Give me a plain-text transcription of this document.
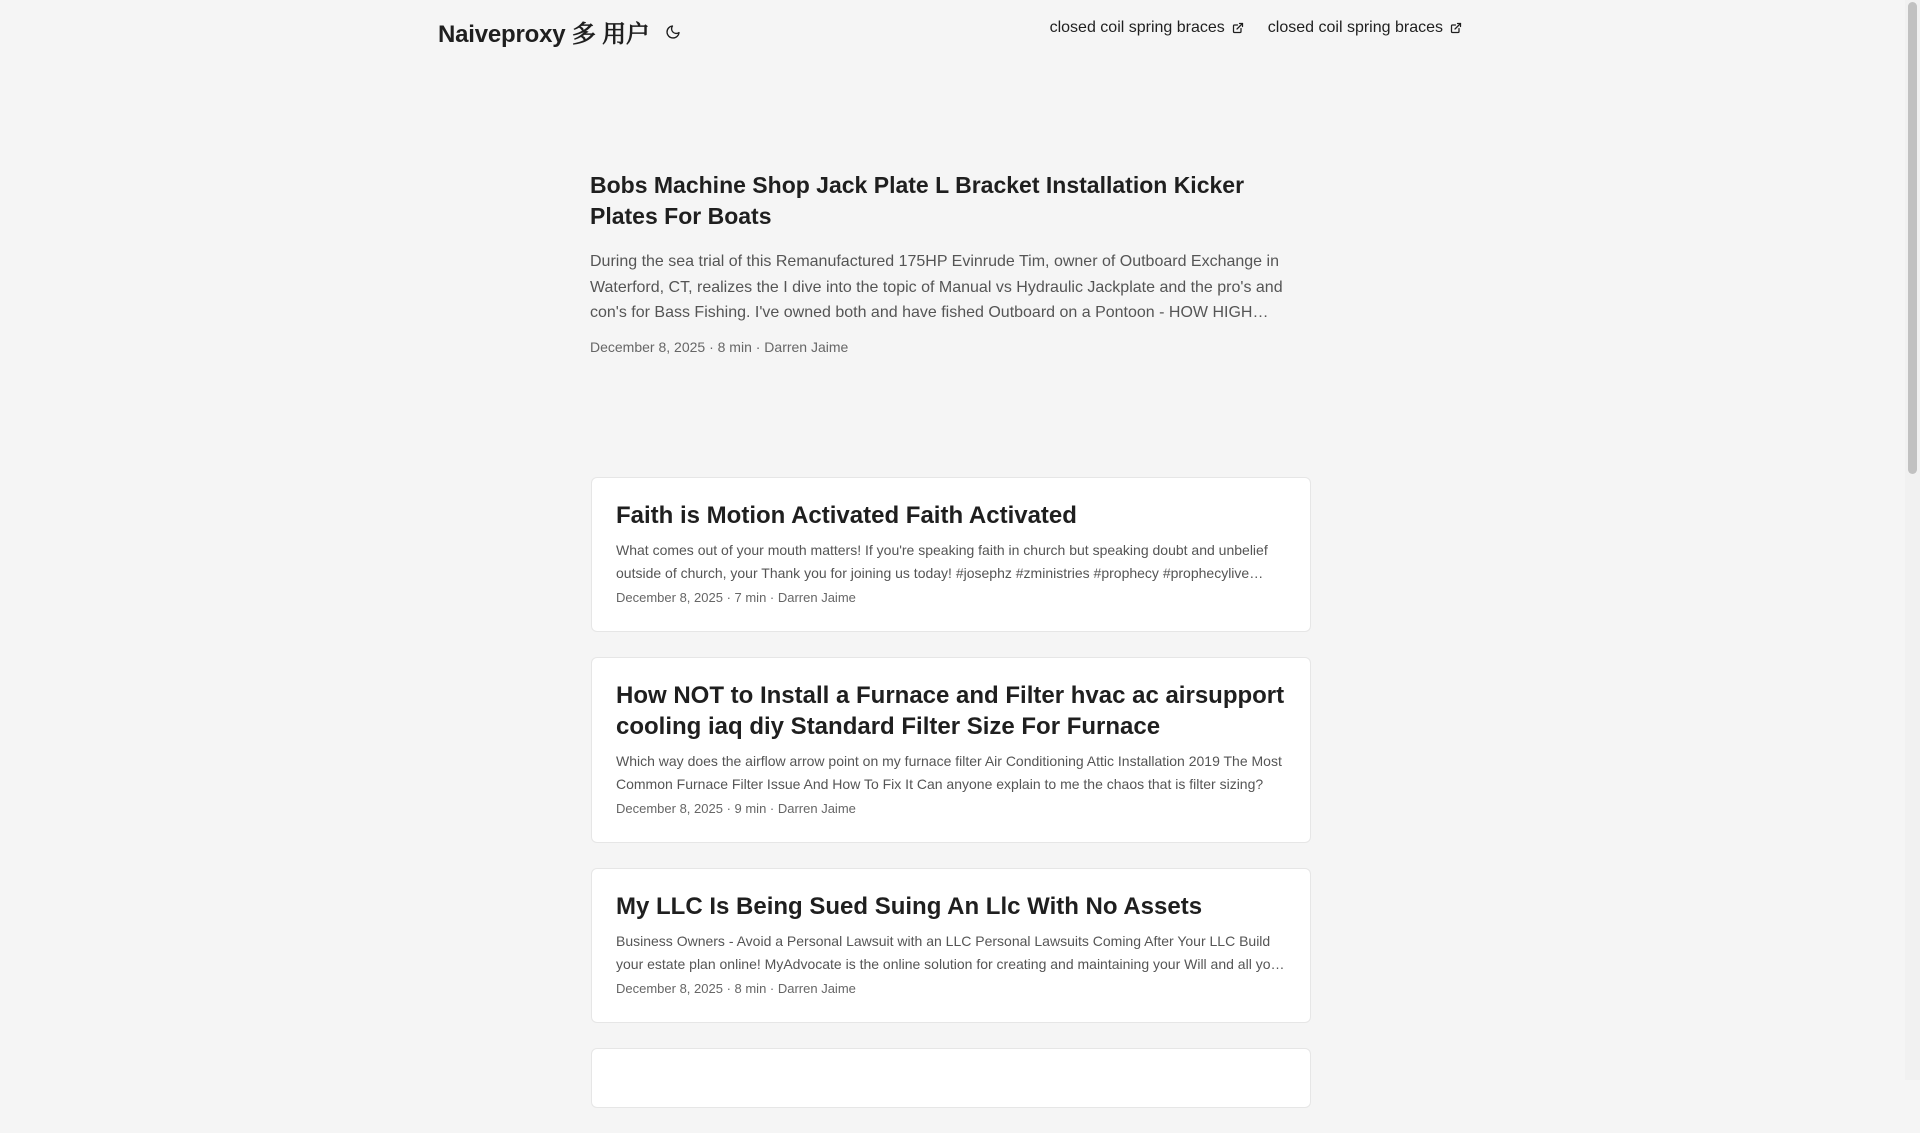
Naiveproxy 多 用户	closed coil spring braces	closed coil spring braces
Bobs Machine Shop Jack Plate L Bracket Installation Kicker Plates For Boats
During the sea trial of this Remanufactured 175HP Evinrude Tim, owner of Outboard Exchange in Waterford, CT, realizes the I dive into the topic of Manual vs Hydraulic Jackplate and the pro's and con's for Bass Fishing. I've owned both and have fished Outboard on a Pontoon - HOW HIGH
December 8, 2025 · 8 min · Darren Jaime
Faith is Motion Activated Faith Activated
What comes out of your mouth matters! If you're speaking faith in church but speaking doubt and unbelief outside of church, your Thank you for joining us today! #josephz #zministries #prophecy #prophecylive
December 8, 2025 · 7 min · Darren Jaime
How NOT to Install a Furnace and Filter hvac ac airsupport cooling iaq diy Standard Filter Size For Furnace
Which way does the airflow arrow point on my furnace filter Air Conditioning Attic Installation 2019 The Most Common Furnace Filter Issue And How To Fix It Can anyone explain to me the chaos that is filter sizing?
December 8, 2025 · 9 min · Darren Jaime
My LLC Is Being Sued Suing An Llc With No Assets
Business Owners - Avoid a Personal Lawsuit with an LLC Personal Lawsuits Coming After Your LLC Build your estate plan online! MyAdvocate is the online solution for creating and maintaining your Will and all your
December 8, 2025 · 8 min · Darren Jaime
